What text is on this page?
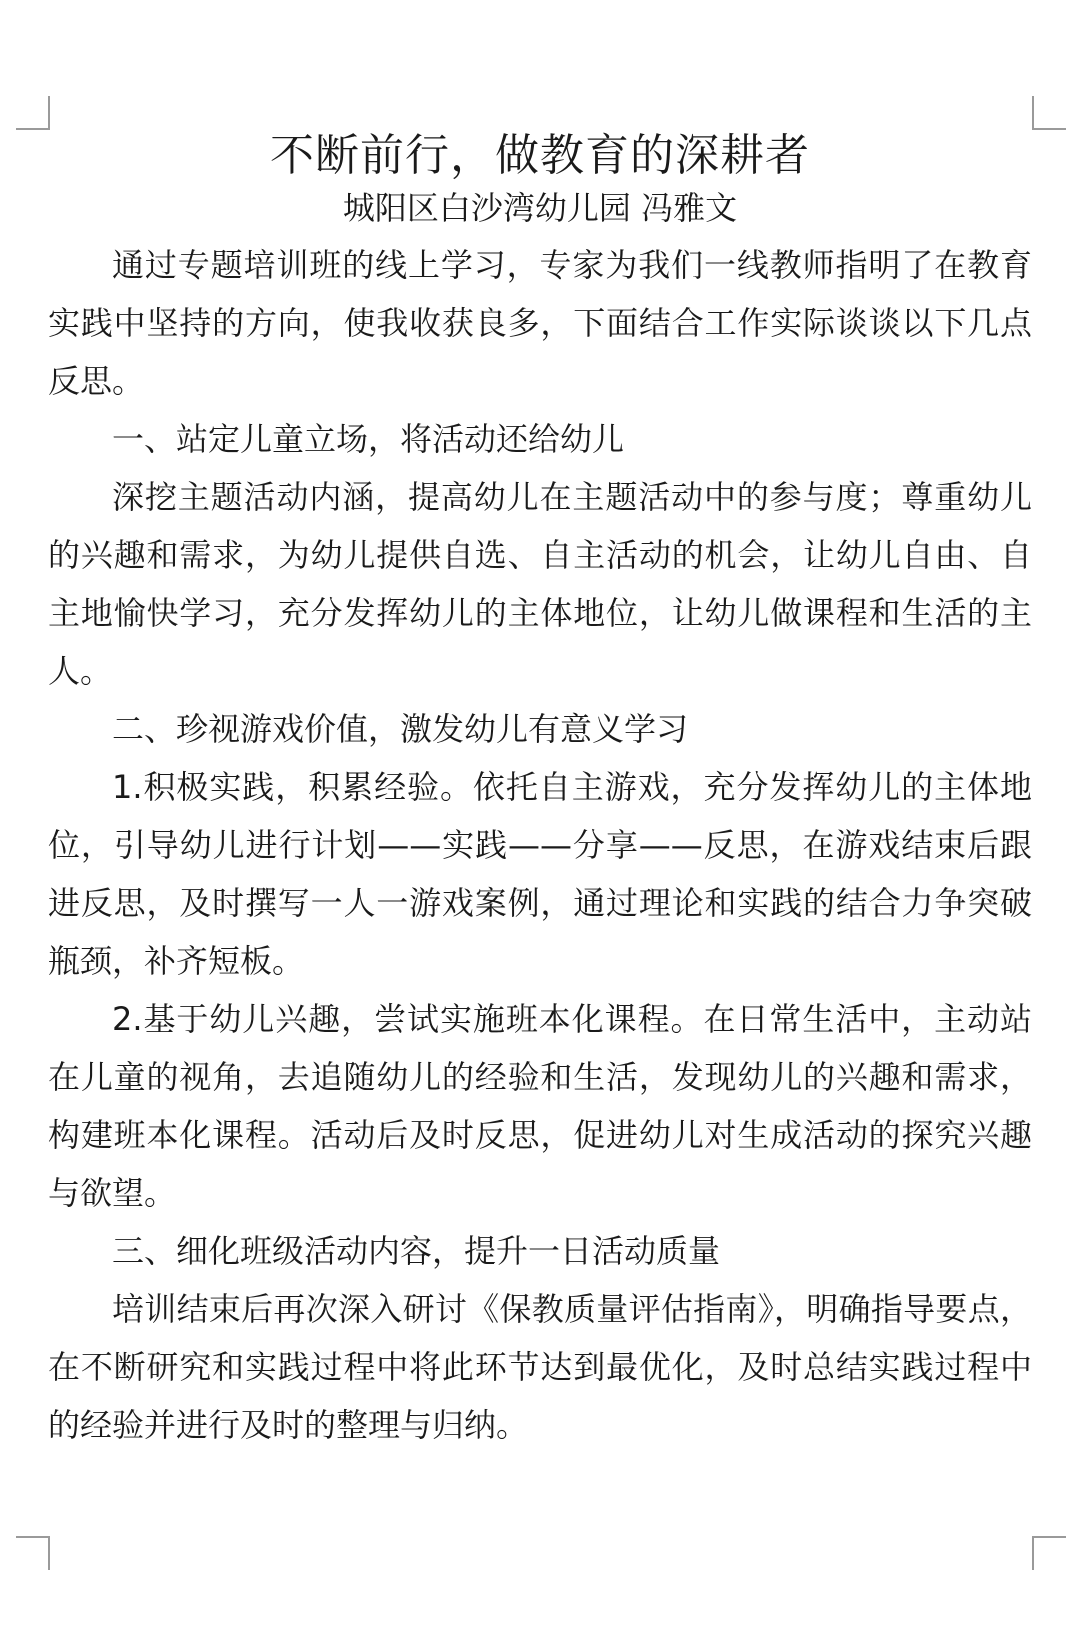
不断前行，做教育的深耕者

城阳区白沙湾幼儿园 冯雅文

通过专题培训班的线上学习，专家为我们一线教师指明了在教育实践中坚持的方向，使我收获良多，下面结合工作实际谈谈以下几点反思。

一、站定儿童立场，将活动还给幼儿

深挖主题活动内涵，提高幼儿在主题活动中的参与度；尊重幼儿的兴趣和需求，为幼儿提供自选、自主活动的机会，让幼儿自由、自主地愉快学习，充分发挥幼儿的主体地位，让幼儿做课程和生活的主人。

二、珍视游戏价值，激发幼儿有意义学习

1.积极实践，积累经验。依托自主游戏，充分发挥幼儿的主体地位，引导幼儿进行计划——实践——分享——反思，在游戏结束后跟进反思，及时撰写一人一游戏案例，通过理论和实践的结合力争突破瓶颈，补齐短板。

2.基于幼儿兴趣，尝试实施班本化课程。在日常生活中，主动站在儿童的视角，去追随幼儿的经验和生活，发现幼儿的兴趣和需求，构建班本化课程。活动后及时反思，促进幼儿对生成活动的探究兴趣与欲望。

三、细化班级活动内容，提升一日活动质量

培训结束后再次深入研讨《保教质量评估指南》，明确指导要点，在不断研究和实践过程中将此环节达到最优化，及时总结实践过程中的经验并进行及时的整理与归纳。
